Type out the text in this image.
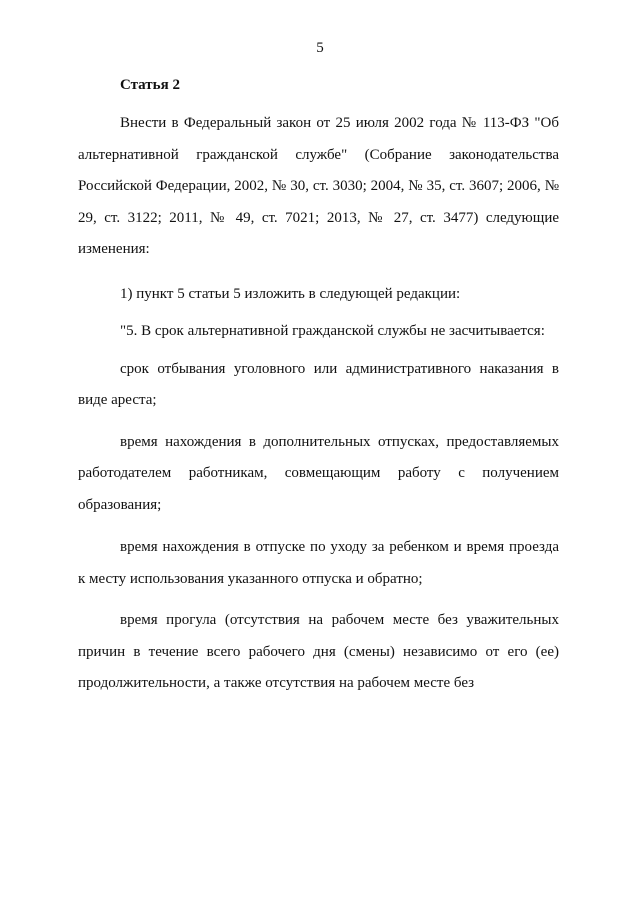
5
Статья 2

Внести в Федеральный закон от 25 июля 2002 года № 113-ФЗ "Об альтернативной гражданской службе" (Собрание законодательства Российской Федерации, 2002, № 30, ст. 3030; 2004, № 35, ст. 3607; 2006, № 29, ст. 3122; 2011, № 49, ст. 7021; 2013, № 27, ст. 3477) следующие изменения:

1) пункт 5 статьи 5 изложить в следующей редакции:

"5. В срок альтернативной гражданской службы не засчитывается:

срок отбывания уголовного или административного наказания в виде ареста;

время нахождения в дополнительных отпусках, предоставляемых работодателем работникам, совмещающим работу с получением образования;

время нахождения в отпуске по уходу за ребенком и время проезда к месту использования указанного отпуска и обратно;

время прогула (отсутствия на рабочем месте без уважительных причин в течение всего рабочего дня (смены) независимо от его (ее) продолжительности, а также отсутствия на рабочем месте без
